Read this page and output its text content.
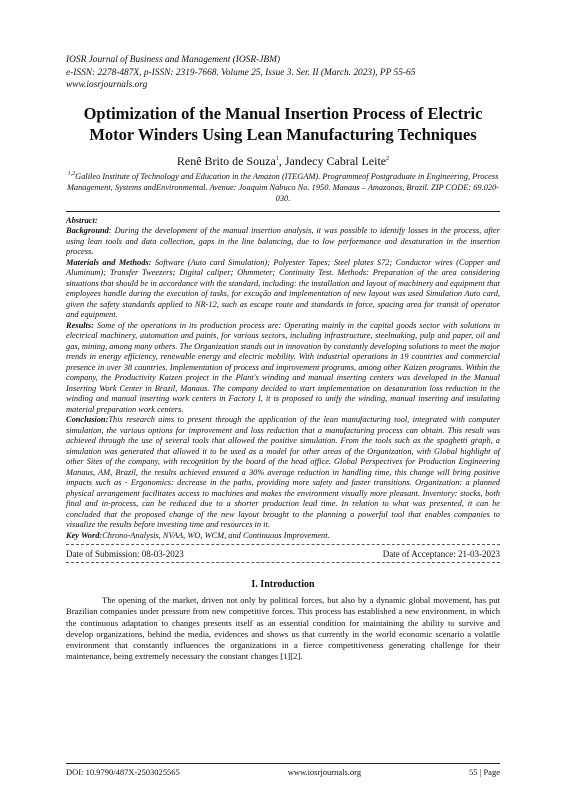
IOSR Journal of Business and Management (IOSR-JBM)
e-ISSN: 2278-487X, p-ISSN: 2319-7668. Volume 25, Issue 3. Ser. II (March. 2023), PP 55-65
www.iosrjournals.org
Optimization of the Manual Insertion Process of Electric Motor Winders Using Lean Manufacturing Techniques
Renê Brito de Souza$^1$, Jandecy Cabral Leite$^2$
$^{1,2}$Galileo Institute of Technology and Education in the Amazon (ITEGAM). Programmeof Postgraduate in Engineering, Process Management, Systems andEnvironmental. Avenue: Joaquim Nabuco No. 1950. Manaus – Amazonas, Brazil. ZIP CODE: 69.020-030.

Abstract:

Background: During the development of the manual insertion analysis, it was possible to identify losses in the process, after using lean tools and data collection, gaps in the line balancing, due to low performance and desaturation in the insertion process.

Materials and Methods: Software (Auto card Simulation); Polyester Tapes; Steel plates S72; Conductor wires (Copper and Aluminum); Transfer Tweezers; Digital caliper; Ohmmeter; Continuity Test. Methods: Preparation of the area considering situations that should be in accordance with the standard, including: the installation and layout of machinery and equipment that employees handle during the execution of tasks, for excução and implementation of new layout was used Simulation Auto card, given the safety standards applied to NR-12, such as escape route and standards in force, spacing area for transit of operator and equipment.

Results: Some of the operations in its production process are: Operating mainly in the capital goods sector with solutions in electrical machinery, automation and paints, for various sectors, including infrastructure, steelmaking, pulp and paper, oil and gas, mining, among many others. The Organization stands out in innovation by constantly developing solutions to meet the major trends in energy efficiency, renewable energy and electric mobility. With industrial operations in 19 countries and commercial presence in over 38 countries. Implementation of process and improvement programs, among other Kaizen programs. Within the company, the Productivity Kaizen project in the Plant's winding and manual inserting centers was developed in the Manual Inserting Work Center in Brazil, Manaus. The company decided to start implementation on desaturation loss reduction in the winding and manual inserting work centers in Factory I, it is proposed to unify the winding, manual inserting and insulating material preparation work centers.

Conclusion:This research aims to present through the application of the lean manufacturing tool, integrated with computer simulation, the various options for improvement and loss reduction that a manufacturing process can obtain. This result was achieved through the use of several tools that allowed the positive simulation. From the tools such as the spaghetti graph, a simulation was generated that allowed it to be used as a model for other areas of the Organization, with Global highlight of other Sites of the company, with recognition by the board of the head office. Global Perspectives for Production Engineering Manaus, AM, Brazil, the results achieved ensured a 30% average reduction in handling time, this change will bring positive impacts such as - Ergonomics: decrease in the paths, providing more safety and faster transitions. Organization: a planned physical arrangement facilitates access to machines and makes the environment visually more pleasant. Inventory: stocks, both final and in-process, can be reduced due to a shorter production lead time. In relation to what was presented, it can be concluded that the proposed change of the new layout brought to the planning a powerful tool that enables companies to visualize the results before investing time and resources in it.

Key Word:Chrono-Analysis, NVAA, WO, WCM, and Continuous Improvement.

Date of Submission: 08-03-2023	Date of Acceptance: 21-03-2023
I. Introduction
The opening of the market, driven not only by political forces, but also by a dynamic global movement, has put Brazilian companies under pressure from new competitive forces. This process has established a new environment, in which the continuous adaptation to changes presents itself as an essential condition for maintaining the ability to survive and develop organizations, behind the media, evidences and shows us that currently in the world economic scenario a volatile environment that constantly influences the organizations in a fierce competitiveness generating challenge for their maintenance, being extremely necessary the constant changes [1][2].
DOI: 10.9790/487X-2503025565	www.iosrjournals.org	55 | Page
